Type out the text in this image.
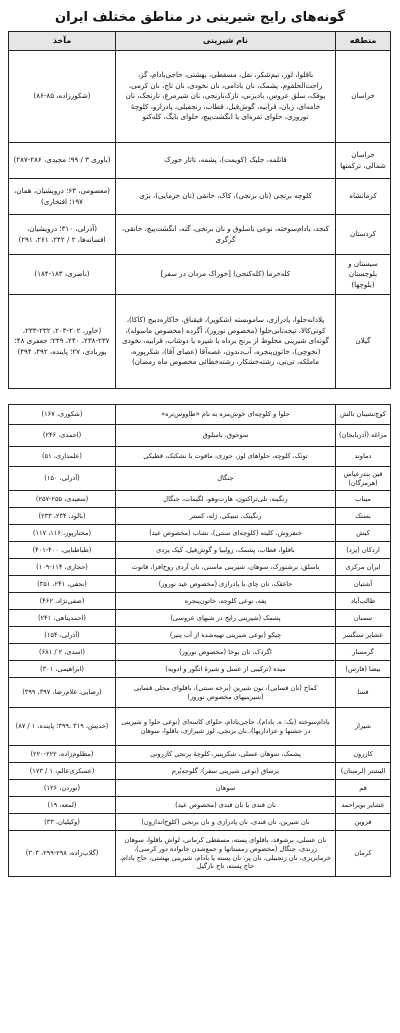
گونه‌های رایج شیرینی در مناطق مختلف ایران
منطقه	نام شیرینی	مآخذ
خراسان	باقلوا، لوز، نیم‌شکر، نقل، مسقطی، بهشتی، حاجی‌بادام، گز، راحت‌الحلقوم، پشمک، نان بادامی، نان نخودی، نان تاج، نان کرمی، پوفک، سلق عروس، بادیزنی، تازک‌نارنجی، نان شیرمرغ، نارنجک، نان خامه‌ای، زبان، قرابیه، گوش‌فیل، قطاب، زنجفیلی، پادرازو، کلوچهٔ نوروزی، حلوای تفره‌ای یا انگشت‌پیچ، حلوای بایگ، کله‌کنو	(شکورزاده، ۸۵-۸۶)
خراسان شمالی، ترکمنها	قاتلمه، جلیک (کویمت)، پشمه، تاتار جورک	(باوری ۳ / ۹۹؛ مجیدی، ۲۸۶-۲۸۷)
کرمانشاه	کلوچه برنجی (نان برنجی)، کاک، خانقی (نان خرمایی)، بژی	(معصومی، ۶۳؛ درویشیان، همان، ۱۹۷؛ افتخاری)
کردستان	کنجد، بادام‌سوخته، نوعی باسلوق و نان برنجی، گته، انگشت‌پیچ، خانقی، گرگری	(آذرلی، ۳۱۰؛ درویشیان، افسانه‌ها، ۲ / ۲۴۲، ۲۶۱، ۲۹۱)
سیستان و بلوچستان (بلوچها)	کله‌خرما (کله‌کنجی) [خوراک مردان در سفر]	(ناصری، ۱۸۳-۱۸۴)
گیلان	پلادانه‌حلوا، پادرازی، ساموبسته (شکوپر)، قیقناق، خاکاره‌دبیج (کاکا)، کوتی‌کالا، تیجه‌تانی‌حلوا (مخصوص نوروز)، آگرده (مخصوص ماسوله)، گونه‌ای شیرینی مخلوط از برنج برداه با شیره یا دوشاب، قرابیه، نخودی (نخوچی)، خاتون‌پنجره، آب‌دندون، غصه‌آقا (عصای آقا)، شکرپوره، ماملکه، تی‌تی، رشته‌خشکار، رشته‌خطائی مخصوص ماه رمضان)	(خاور، ۲۰۲-۲۰۳، ۲۳۲-۲۳۳، ۲۳۷-۲۳۸، ۲۴۰، ۲۴۹؛ جعفری ۴۸؛ پوربادی، ۲۷؛ پاینده، ۴۹۲، ۴۹۴)
کوچ‌نشینان تالش	حلوا و کلوچه‌ای خوش‌مزه به نام «طاووس‌تره»	(شکوری، ۱۶۷)
مراغه (آذربایجان)	سوجوق، باسلوق	(احمدی، ۲۴۶)
دماوند	توتک، کلوچه، حلواهای لوز، جوزی، ماقوت یا نشکنک، قطیکی	(علمداری، ۵۱)
قین بندرعباس (هرمزگان)	جنگال	(آذرلی، ۱۵۰)
میناب	رنگینه، تلی‌تراکتون، هارت‌وهو، لگیمات، جنگال	(سعیدی، ۲۵۵-۲۵۷)
بستک	رنگینک، تنبیکی، ژله، کستر	(بالود، ۲۳۴، ۲۳۳)
کیش	خنفروش، کلیته (کلوچه‌ای سنتی)، نشاب (مخصوص عید)	(مختارپور، ۱۱۶، ۱۱۷)
اردکان (یزد)	باقلوا، قطاب، پشمک، زولبیا و گوش‌فیل، کیک یزدی	(طباطبایی، ۴۰۰-۴۰۱)
ایران مرکزی	باسلق، برشتورک، سوهان، شیرینی ماستی، نان آردی روح‌افزا، قاتوت	(حجازی، ۱۱۴-۱۰۹)
آشتیان	جاغقک، نان چای یا پادرازی (مخصوص عید نوروز)	(نجفی، ۲۴۱، ۳۵۱)
طالب‌آباد	پفه، نوعی کلوچه، خاتون‌پنجره	(صفی‌نژاد، ۴۶۲)
سمنان	پشمک (شیرینی رایج در شبهای عروسی)	(احمدپناهی، ۲۴۱)
عشایر سنگسر	چیکو (نوعی شیرینی تهیه‌شده از آب پنیر)	(آذرلی، ۱۵۴)
گرمسار	اگردک، نان بوخا (مخصوص نوروز)	(اسدی، ۲ / ۶۸۱)
بیضا (فارس)	میده (ترکیبی از عسل و شیرهٔ انگور و ادویه)	(ابراهیمی، ۳۰۱)
فسا	کماج (نان قسایی)، نون شیرین (برخه سنتی)، باقلوای محلی قسایی (شیرینیهای مخصوص نوروز)	(رضایی، غلام‌رضا، ۳۹۷، ۳۹۹)
شیراز	بادام‌سوخته (نک: ه. بادام)، حاجی‌بادام، حلوای کاسه‌ای (نوعی حلوا و شیرینی در جشنها و عزاداریها)، نان برنجی، لوز شیرازی، باقلوا، سوهان	(خدیش، ۳۱۹ ،۳۹۹؛ پاینده، ۱ / ۸۷)
کازرون	پشمک، سوهان عسلی، شکرپنیر، کلوچهٔ برنجی کازرونی	(مظلوم‌زاده، ۲۲۲-۲۲۰)
الیشتر (لرستان)	برساق (نوعی شیرینی سفر)، گلوجه‌بُرم	(عسکری‌عالم، ۱ / ۱۷۳)
قم	سوهان	(نوردن، ۱۲۶)
عشایر بویراحمد	نان قندی یا نان قندی (مخصوص عید)	(لمعه، ۱۹)
قزوین	نان شیرین، نان قندی، نان پادرازی و نان برنجی (کلوخ‌اندازون)	(وکیلیان، ۳۳)
کرمان	نان عسلی، برشوقد، باقلوای پسته، مسقطی کرمانی، لواش باقلوا، سوهان زرندی، جنگال (مخصوص زمستانها و جمع‌شدن خانواده دور کرسی)، خرمایریزی، نان زنجبیلی، نان پر، نان پسته یا بادام، شیرینی بهشتی، حاج بادام، حاج پسته، تاج نارگیل	(گلاب‌زاده، ۲۹۸-۲۹۹، ۳۰۳)
